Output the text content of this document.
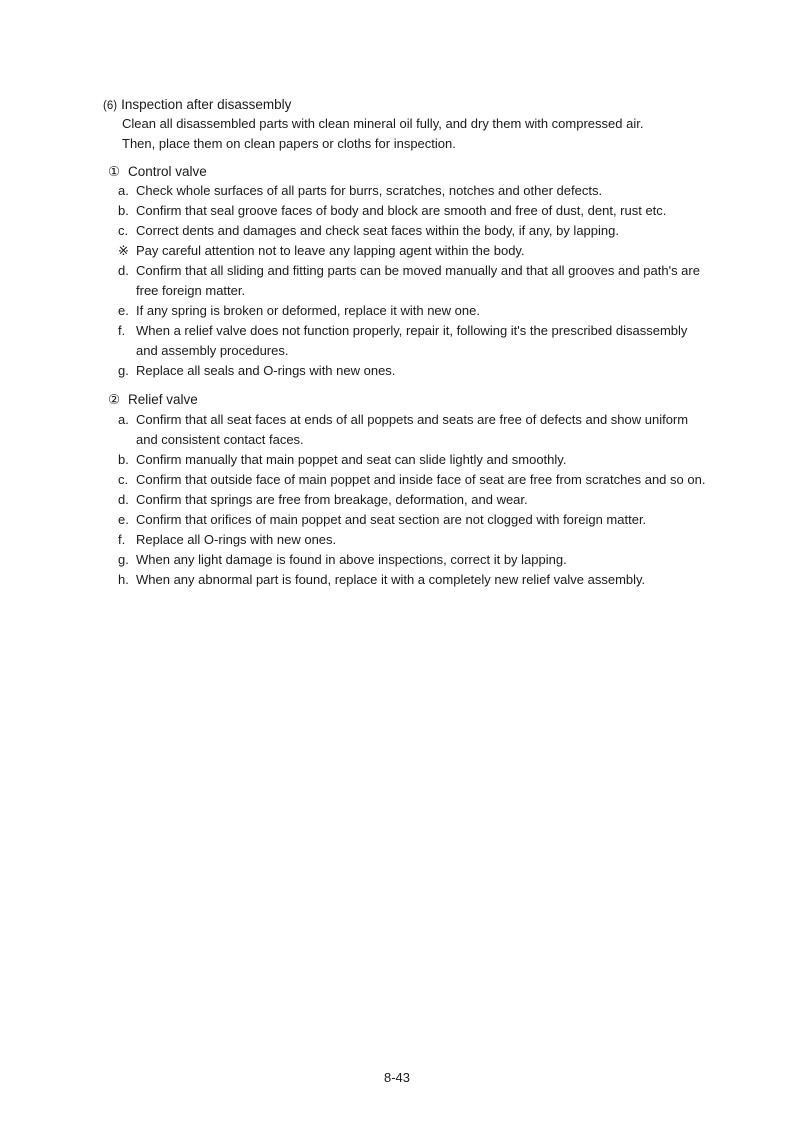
(6) Inspection after disassembly
Clean all disassembled parts with clean mineral oil fully, and dry them with compressed air.
Then, place them on clean papers or cloths for inspection.
① Control valve
a. Check whole surfaces of all parts for burrs, scratches, notches and other defects.
b. Confirm that seal groove faces of body and block are smooth and free of dust, dent, rust etc.
c. Correct dents and damages and check seat faces within the body, if any, by lapping.
※ Pay careful attention not to leave any lapping agent within the body.
d. Confirm that all sliding and fitting parts can be moved manually and that all grooves and path's are free foreign matter.
e. If any spring is broken or deformed, replace it with new one.
f. When a relief valve does not function properly, repair it, following it's the prescribed disassembly and assembly procedures.
g. Replace all seals and O-rings with new ones.
② Relief valve
a. Confirm that all seat faces at ends of all poppets and seats are free of defects and show uniform and consistent contact faces.
b. Confirm manually that main poppet and seat can slide lightly and smoothly.
c. Confirm that outside face of main poppet and inside face of seat are free from scratches and so on.
d. Confirm that springs are free from breakage, deformation, and wear.
e. Confirm that orifices of main poppet and seat section are not clogged with foreign matter.
f. Replace all O-rings with new ones.
g. When any light damage is found in above inspections, correct it by lapping.
h. When any abnormal part is found, replace it with a completely new relief valve assembly.
8-43
